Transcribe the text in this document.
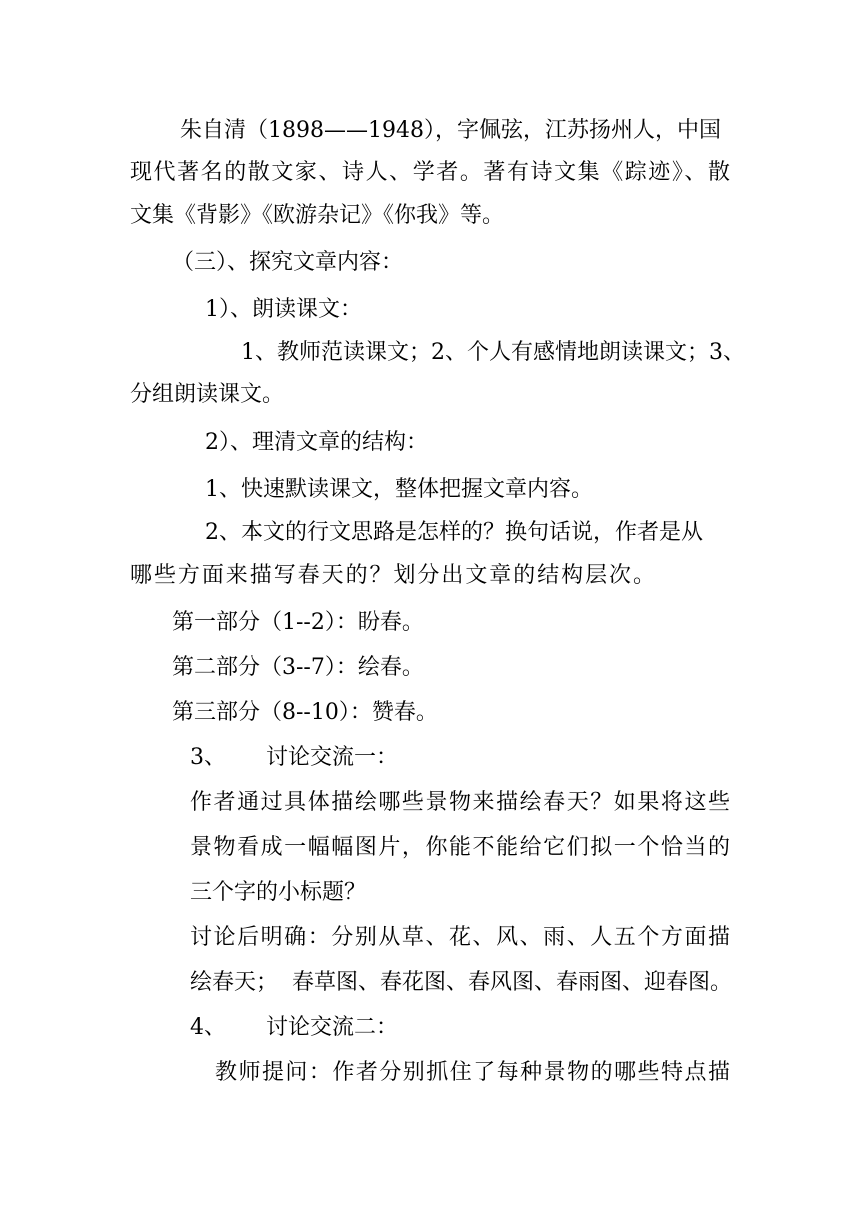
朱自清（1898——1948），字佩弦，江苏扬州人，中国
现代著名的散文家、诗人、学者。著有诗文集《踪迹》、散
文集《背影》《欧游杂记》《你我》等。
（三）、探究文章内容：
1）、朗读课文：
1、教师范读课文；2、个人有感情地朗读课文；3、
分组朗读课文。
2）、理清文章的结构：
1、快速默读课文，整体把握文章内容。
2、本文的行文思路是怎样的？换句话说，作者是从
哪些方面来描写春天的？划分出文章的结构层次。
第一部分（1--2）：盼春。
第二部分（3--7）：绘春。
第三部分（8--10）：赞春。
3、 讨论交流一：
作者通过具体描绘哪些景物来描绘春天？如果将这些
景物看成一幅幅图片，你能不能给它们拟一个恰当的
三个字的小标题？
讨论后明确：分别从草、花、风、雨、人五个方面描
绘春天；  春草图、春花图、春风图、春雨图、迎春图。
4、 讨论交流二：
教师提问：作者分别抓住了每种景物的哪些特点描
